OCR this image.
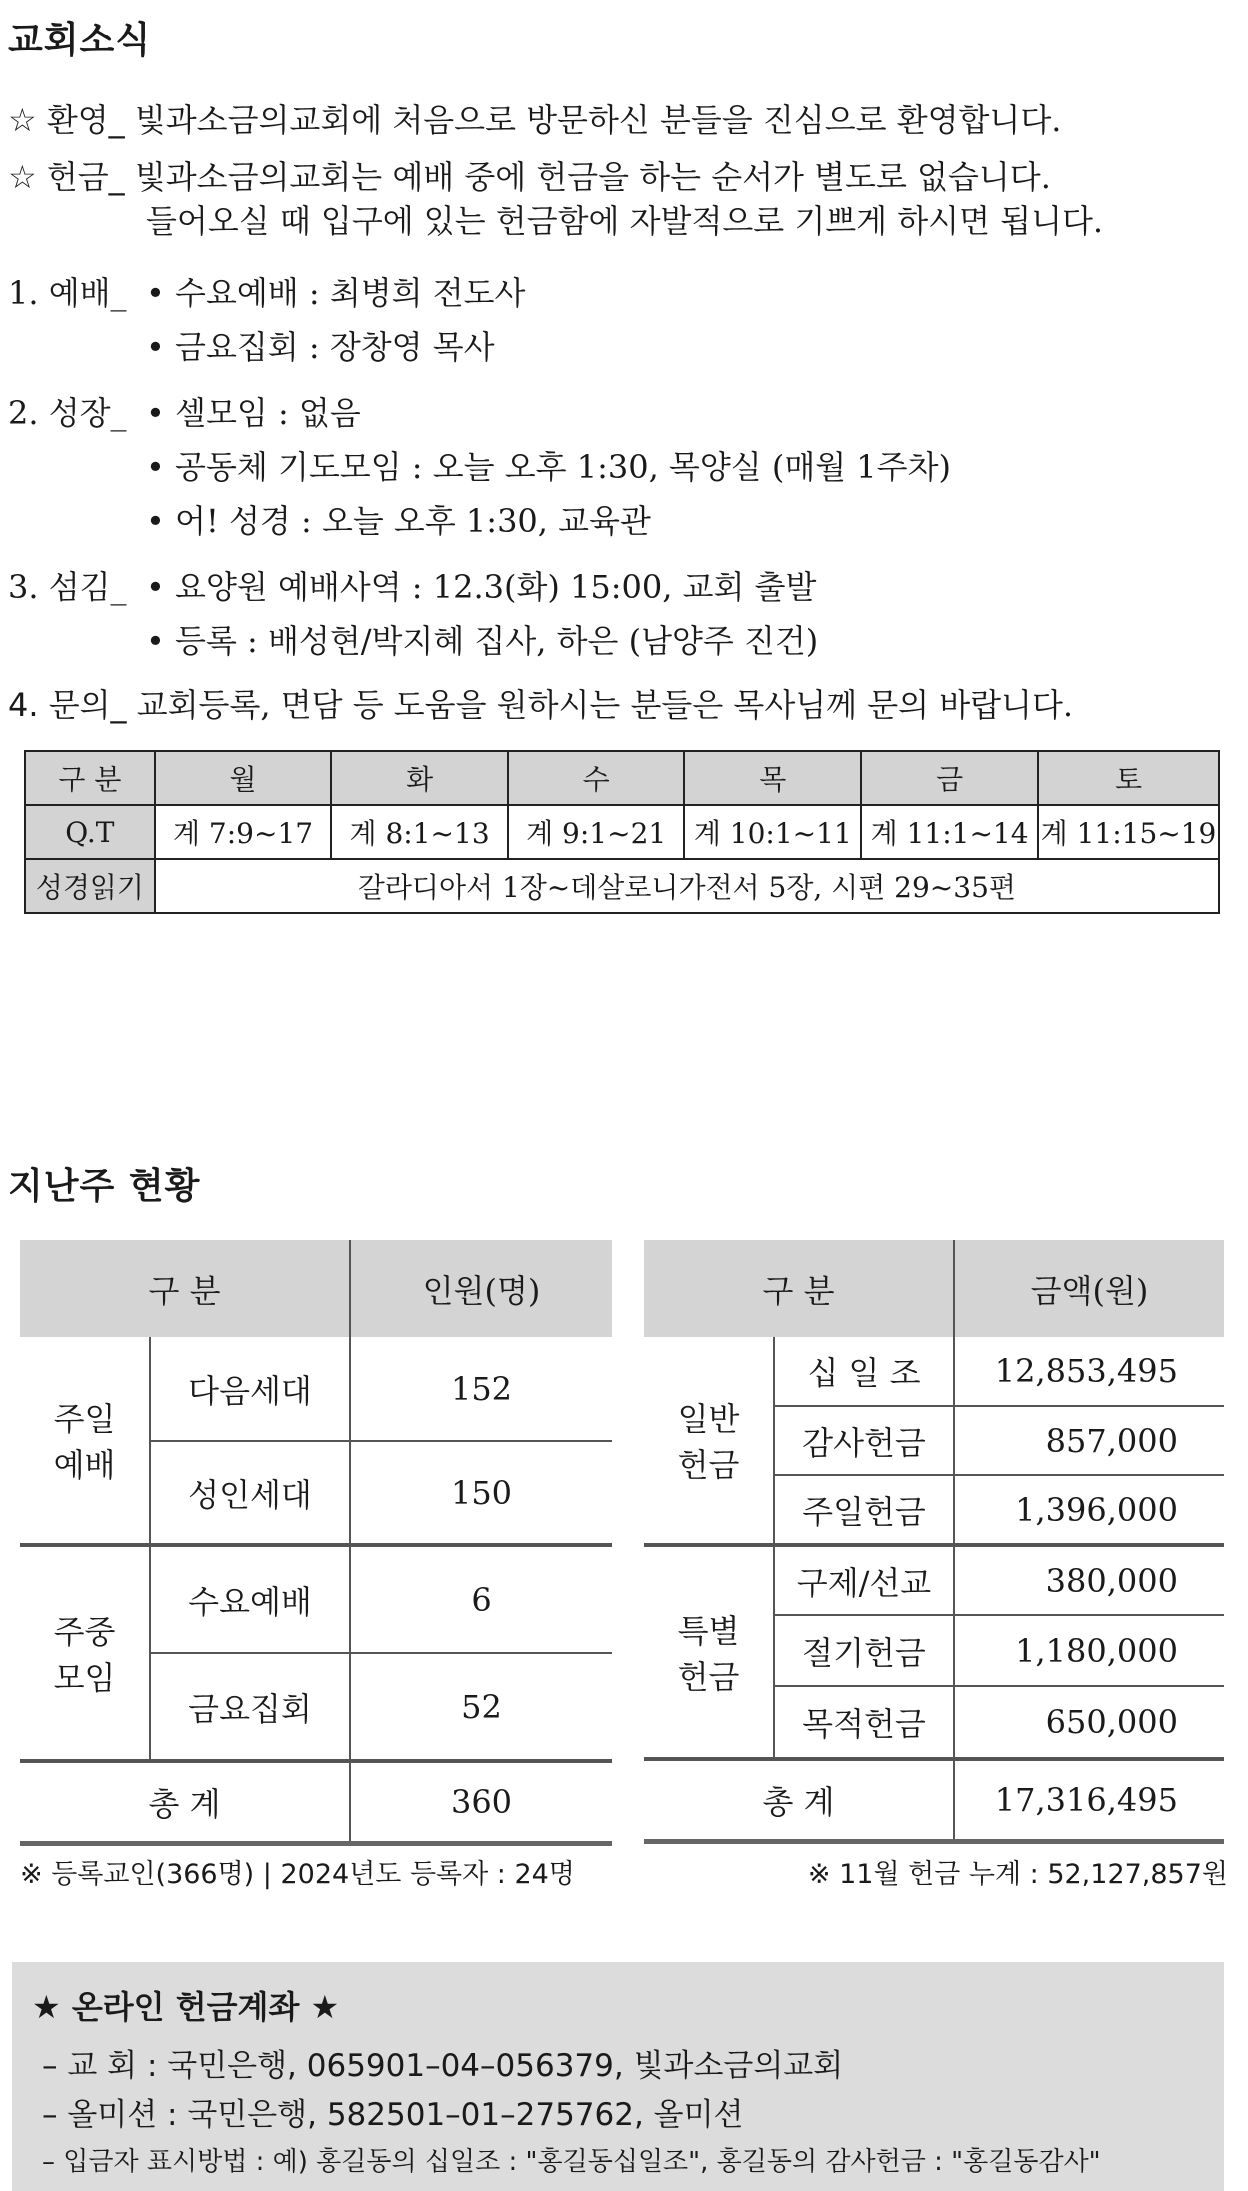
교회소식
☆ 환영_ 빛과소금의교회에 처음으로 방문하신 분들을 진심으로 환영합니다.
☆ 헌금_ 빛과소금의교회는 예배 중에 헌금을 하는 순서가 별도로 없습니다.
들어오실 때 입구에 있는 헌금함에 자발적으로 기쁘게 하시면 됩니다.
1. 예배_ • 수요예배 : 최병희 전도사
• 금요집회 : 장창영 목사
2. 성장_ • 셀모임 : 없음
• 공동체 기도모임 : 오늘 오후 1:30, 목양실 (매월 1주차)
• 어! 성경 : 오늘 오후 1:30, 교육관
3. 섬김_ • 요양원 예배사역 : 12.3(화) 15:00, 교회 출발
• 등록 : 배성현/박지혜 집사, 하은 (남양주 진건)
4. 문의_ 교회등록, 면담 등 도움을 원하시는 분들은 목사님께 문의 바랍니다.
구 분	월	화	수	목	금	토
Q.T	계 7:9~17	계 8:1~13	계 9:1~21	계 10:1~11	계 11:1~14	계 11:15~19
성경읽기	갈라디아서 1장~데살로니가전서 5장, 시편 29~35편					
지난주 현황
구 분		인원(명)
주일
예배	다음세대	152
	성인세대	150
주중
모임	수요예배	6
	금요집회	52
총 계		360
구 분		금액(원)
일반
헌금	십 일 조	12,853,495
	감사헌금	857,000
	주일헌금	1,396,000
특별
헌금	구제/선교	380,000
	절기헌금	1,180,000
	목적헌금	650,000
총 계		17,316,495
※ 등록교인(366명) | 2024년도 등록자 : 24명	※ 11월 헌금 누계 : 52,127,857원
★ 온라인 헌금계좌 ★
– 교 회 : 국민은행, 065901–04–056379, 빛과소금의교회
– 올미션 : 국민은행, 582501–01–275762, 올미션
– 입금자 표시방법 : 예) 홍길동의 십일조 : "홍길동십일조", 홍길동의 감사헌금 : "홍길동감사"
